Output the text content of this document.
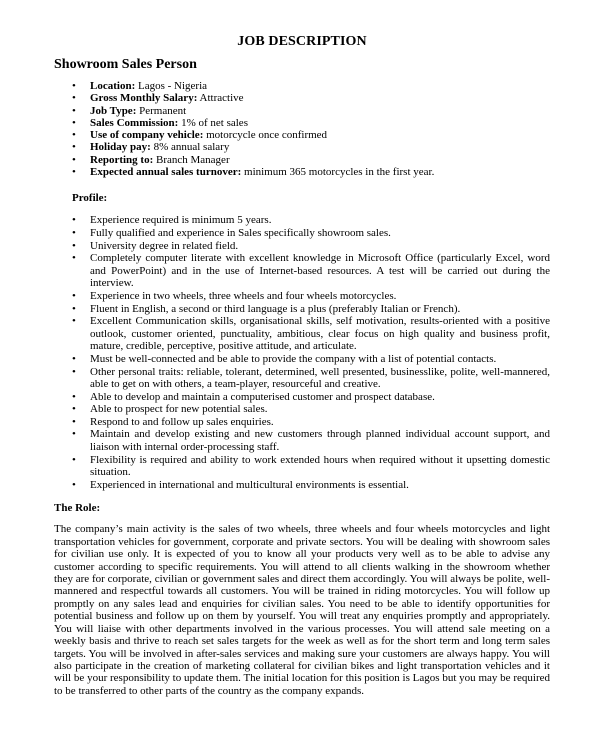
JOB DESCRIPTION
Showroom Sales Person
• Location: Lagos - Nigeria
• Gross Monthly Salary: Attractive
• Job Type: Permanent
• Sales Commission: 1% of net sales
• Use of company vehicle: motorcycle once confirmed
• Holiday pay: 8% annual salary
• Reporting to: Branch Manager
• Expected annual sales turnover: minimum 365 motorcycles in the first year.
Profile:
• Experience required is minimum 5 years.
• Fully qualified and experience in Sales specifically showroom sales.
• University degree in related field.
• Completely computer literate with excellent knowledge in Microsoft Office (particularly Excel, word and PowerPoint) and in the use of Internet-based resources. A test will be carried out during the interview.
• Experience in two wheels, three wheels and four wheels motorcycles.
• Fluent in English, a second or third language is a plus (preferably Italian or French).
• Excellent Communication skills, organisational skills, self motivation, results-oriented with a positive outlook, customer oriented, punctuality, ambitious, clear focus on high quality and business profit, mature, credible, perceptive, positive attitude, and articulate.
• Must be well-connected and be able to provide the company with a list of potential contacts.
• Other personal traits: reliable, tolerant, determined, well presented, businesslike, polite, well-mannered, able to get on with others, a team-player, resourceful and creative.
• Able to develop and maintain a computerised customer and prospect database.
• Able to prospect for new potential sales.
• Respond to and follow up sales enquiries.
• Maintain and develop existing and new customers through planned individual account support, and liaison with internal order-processing staff.
• Flexibility is required and ability to work extended hours when required without it upsetting domestic situation.
• Experienced in international and multicultural environments is essential.
The Role:

The company’s main activity is the sales of two wheels, three wheels and four wheels motorcycles and light transportation vehicles for government, corporate and private sectors. You will be dealing with showroom sales for civilian use only. It is expected of you to know all your products very well as to be able to advise any customer according to specific requirements. You will attend to all clients walking in the showroom whether they are for corporate, civilian or government sales and direct them accordingly. You will always be polite, well-mannered and respectful towards all customers. You will be trained in riding motorcycles. You will follow up promptly on any sales lead and enquiries for civilian sales. You need to be able to identify opportunities for potential business and follow up on them by yourself. You will treat any enquiries promptly and appropriately. You will liaise with other departments involved in the various processes. You will attend sale meeting on a weekly basis and thrive to reach set sales targets for the week as well as for the short term and long term sales targets. You will be involved in after-sales services and making sure your customers are always happy. You will also participate in the creation of marketing collateral for civilian bikes and light transportation vehicles and it will be your responsibility to update them. The initial location for this position is Lagos but you may be required to be transferred to other parts of the country as the company expands.
